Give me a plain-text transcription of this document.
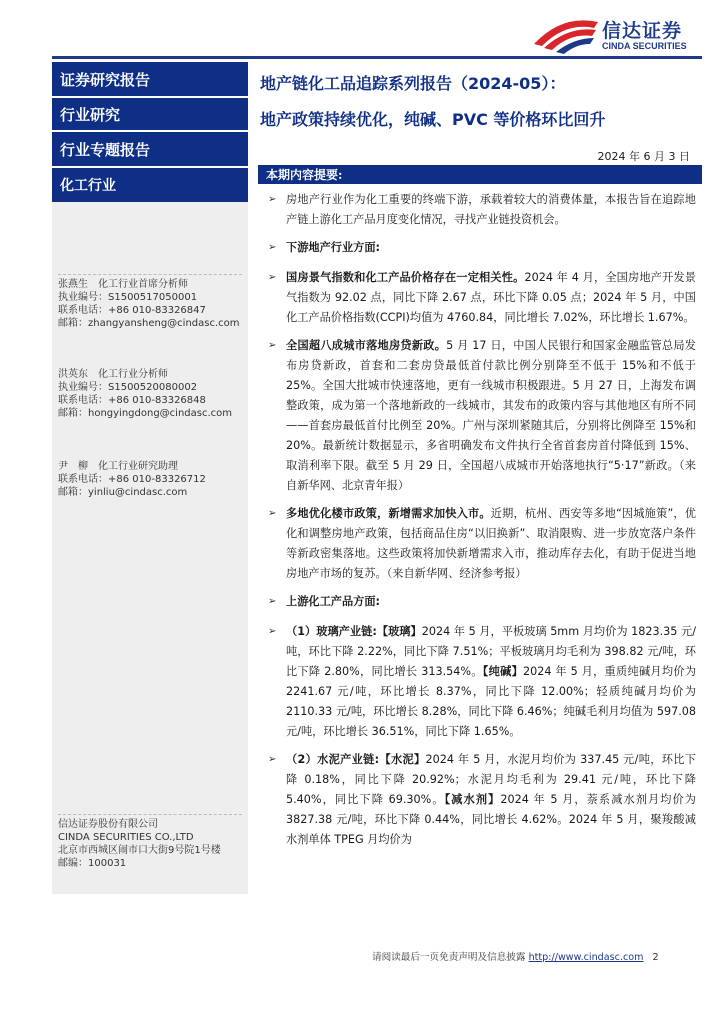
信达证券
CINDA SECURITIES
证券研究报告
行业研究
行业专题报告
化工行业
张燕生　化工行业首席分析师
执业编号：S1500517050001
联系电话：+86 010-83326847
邮箱：zhangyansheng@cindasc.com
洪英东　化工行业分析师
执业编号：S1500520080002
联系电话：+86 010-83326848
邮箱：hongyingdong@cindasc.com
尹　柳　化工行业研究助理
联系电话：+86 010-83326712
邮箱：yinliu@cindasc.com
信达证券股份有限公司
CINDA SECURITIES CO.,LTD
北京市西城区闹市口大街9号院1号楼
邮编：100031
地产链化工品追踪系列报告（2024-05）：
地产政策持续优化，纯碱、PVC 等价格环比回升
2024 年 6 月 3 日
本期内容提要:
➢ 房地产行业作为化工重要的终端下游，承载着较大的消费体量，本报告旨在追踪地产链上游化工产品月度变化情况，寻找产业链投资机会。
➢ 下游地产行业方面:
➢ 国房景气指数和化工产品价格存在一定相关性。2024 年 4 月，全国房地产开发景气指数为 92.02 点，同比下降 2.67 点，环比下降 0.05 点；2024 年 5 月，中国化工产品价格指数(CCPI)均值为 4760.84，同比增长 7.02%，环比增长 1.67%。
➢ 全国超八成城市落地房贷新政。5 月 17 日，中国人民银行和国家金融监管总局发布房贷新政，首套和二套房贷最低首付款比例分别降至不低于 15%和不低于 25%。全国大批城市快速落地，更有一线城市积极跟进。5 月 27 日，上海发布调整政策，成为第一个落地新政的一线城市，其发布的政策内容与其他地区有所不同——首套房最低首付比例至 20%。广州与深圳紧随其后，分别将比例降至 15%和 20%。最新统计数据显示，多省明确发布文件执行全省首套房首付降低到 15%、取消利率下限。截至 5 月 29 日，全国超八成城市开始落地执行“5·17”新政。（来自新华网、北京青年报）
➢ 多地优化楼市政策，新增需求加快入市。近期，杭州、西安等多地“因城施策”，优化和调整房地产政策，包括商品住房“以旧换新”、取消限购、进一步放宽落户条件等新政密集落地。这些政策将加快新增需求入市，推动库存去化，有助于促进当地房地产市场的复苏。（来自新华网、经济参考报）
➢ 上游化工产品方面:
➢ （1）玻璃产业链:【玻璃】2024 年 5 月，平板玻璃 5mm 月均价为 1823.35 元/吨，环比下降 2.22%，同比下降 7.51%；平板玻璃月均毛利为 398.82 元/吨，环比下降 2.80%，同比增长 313.54%。【纯碱】2024 年 5 月，重质纯碱月均价为 2241.67 元/吨，环比增长 8.37%，同比下降 12.00%；轻质纯碱月均价为 2110.33 元/吨，环比增长 8.28%，同比下降 6.46%；纯碱毛利月均值为 597.08 元/吨，环比增长 36.51%，同比下降 1.65%。
➢ （2）水泥产业链:【水泥】2024 年 5 月，水泥月均价为 337.45 元/吨，环比下降 0.18%，同比下降 20.92%；水泥月均毛利为 29.41 元/吨，环比下降 5.40%，同比下降 69.30%。【减水剂】2024 年 5 月，萘系减水剂月均价为 3827.38 元/吨，环比下降 0.44%，同比增长 4.62%。2024 年 5 月，聚羧酸减水剂单体 TPEG 月均价为
请阅读最后一页免责声明及信息披露 http://www.cindasc.com 2
